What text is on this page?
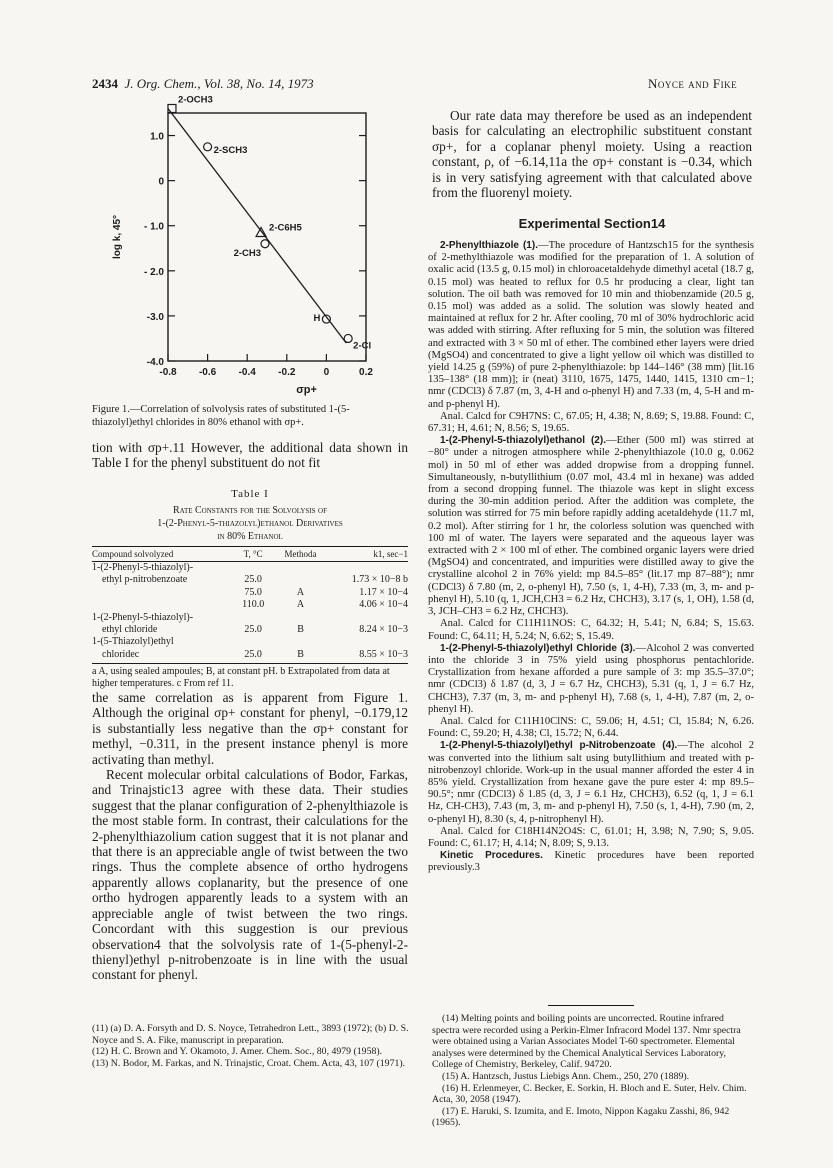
2434 J. Org. Chem., Vol. 38, No. 14, 1973	Noyce and Fike
-0.8 -0.6 -0.4 -0.2	0	0.2
1.0
0
- 1.0
- 2.0
-3.0
-4.0
2-OCH3
2-SCH3
2-CH3
2-C6H5
H
2-Cl
log k, 45°
σp+
Figure 1.—Correlation of solvolysis rates of substituted 1-(5-thiazolyl)ethyl chlorides in 80% ethanol with σp+.
tion with σp+.11 However, the additional data shown in Table I for the phenyl substituent do not fit
Table I
Rate Constants for the Solvolysis of
1-(2-Phenyl-5-thiazolyl)ethanol Derivatives
in 80% Ethanol
Compound solvolyzed	T, °C	Methoda	k1, sec−1
1-(2-Phenyl-5-thiazolyl)-			
ethyl p-nitrobenzoate	25.0		1.73 × 10−8 b
	75.0	A	1.17 × 10−4
	110.0	A	4.06 × 10−4
1-(2-Phenyl-5-thiazolyl)-			
ethyl chloride	25.0	B	8.24 × 10−3
1-(5-Thiazolyl)ethyl			
chloridec	25.0	B	8.55 × 10−3
a A, using sealed ampoules; B, at constant pH. b Extrapolated from data at higher temperatures. c From ref 11.
the same correlation as is apparent from Figure 1. Although the original σp+ constant for phenyl, −0.179,12 is substantially less negative than the σp+ constant for methyl, −0.311, in the present instance phenyl is more activating than methyl.
Recent molecular orbital calculations of Bodor, Farkas, and Trinajstic13 agree with these data. Their studies suggest that the planar configuration of 2-phenylthiazole is the most stable form. In contrast, their calculations for the 2-phenylthiazolium cation suggest that it is not planar and that there is an appreciable angle of twist between the two rings. Thus the complete absence of ortho hydrogens apparently allows coplanarity, but the presence of one ortho hydrogen apparently leads to a system with an appreciable angle of twist between the two rings. Concordant with this suggestion is our previous observation4 that the solvolysis rate of 1-(5-phenyl-2-thienyl)ethyl p-nitrobenzoate is in line with the usual constant for phenyl.
(11) (a) D. A. Forsyth and D. S. Noyce, Tetrahedron Lett., 3893 (1972); (b) D. S. Noyce and S. A. Fike, manuscript in preparation.
(12) H. C. Brown and Y. Okamoto, J. Amer. Chem. Soc., 80, 4979 (1958).
(13) N. Bodor, M. Farkas, and N. Trinajstic, Croat. Chem. Acta, 43, 107 (1971).
Our rate data may therefore be used as an independent basis for calculating an electrophilic substituent constant σp+, for a coplanar phenyl moiety. Using a reaction constant, ρ, of −6.14,11a the σp+ constant is −0.34, which is in very satisfying agreement with that calculated above from the fluorenyl moiety.
Experimental Section14

2-Phenylthiazole (1).—The procedure of Hantzsch15 for the synthesis of 2-methylthiazole was modified for the preparation of 1. A solution of oxalic acid (13.5 g, 0.15 mol) in chloroacetaldehyde dimethyl acetal (18.7 g, 0.15 mol) was heated to reflux for 0.5 hr producing a clear, light tan solution. The oil bath was removed for 10 min and thiobenzamide (20.5 g, 0.15 mol) was added as a solid. The solution was slowly heated and maintained at reflux for 2 hr. After cooling, 70 ml of 30% hydrochloric acid was added with stirring. After refluxing for 5 min, the solution was filtered and extracted with 3 × 50 ml of ether. The combined ether layers were dried (MgSO4) and concentrated to give a light yellow oil which was distilled to yield 14.25 g (59%) of pure 2-phenylthiazole: bp 144–146° (38 mm) [lit.16 135–138° (18 mm)]; ir (neat) 3110, 1675, 1475, 1440, 1415, 1310 cm−1; nmr (CDCl3) δ 7.87 (m, 3, 4-H and o-phenyl H) and 7.33 (m, 4, 5-H and m- and p-phenyl H).

Anal. Calcd for C9H7NS: C, 67.05; H, 4.38; N, 8.69; S, 19.88. Found: C, 67.31; H, 4.61; N, 8.56; S, 19.65.

1-(2-Phenyl-5-thiazolyl)ethanol (2).—Ether (500 ml) was stirred at −80° under a nitrogen atmosphere while 2-phenylthiazole (10.0 g, 0.062 mol) in 50 ml of ether was added dropwise from a dropping funnel. Simultaneously, n-butyllithium (0.07 mol, 43.4 ml in hexane) was added from a second dropping funnel. The thiazole was kept in slight excess during the 30-min addition period. After the addition was complete, the solution was stirred for 75 min before rapidly adding acetaldehyde (11.7 ml, 0.2 mol). After stirring for 1 hr, the colorless solution was quenched with 100 ml of water. The layers were separated and the aqueous layer was extracted with 2 × 100 ml of ether. The combined organic layers were dried (MgSO4) and concentrated, and impurities were distilled away to give the crystalline alcohol 2 in 76% yield: mp 84.5–85° (lit.17 mp 87–88°); nmr (CDCl3) δ 7.80 (m, 2, o-phenyl H), 7.50 (s, 1, 4-H), 7.33 (m, 3, m- and p-phenyl H), 5.10 (q, 1, JCH,CH3 = 6.2 Hz, CHCH3), 3.17 (s, 1, OH), 1.58 (d, 3, JCH–CH3 = 6.2 Hz, CHCH3).

Anal. Calcd for C11H11NOS: C, 64.32; H, 5.41; N, 6.84; S, 15.63. Found: C, 64.11; H, 5.24; N, 6.62; S, 15.49.

1-(2-Phenyl-5-thiazolyl)ethyl Chloride (3).—Alcohol 2 was converted into the chloride 3 in 75% yield using phosphorus pentachloride. Crystallization from hexane afforded a pure sample of 3: mp 35.5–37.0°; nmr (CDCl3) δ 1.87 (d, 3, J = 6.7 Hz, CHCH3), 5.31 (q, 1, J = 6.7 Hz, CHCH3), 7.37 (m, 3, m- and p-phenyl H), 7.68 (s, 1, 4-H), 7.87 (m, 2, o-phenyl H).

Anal. Calcd for C11H10ClNS: C, 59.06; H, 4.51; Cl, 15.84; N, 6.26. Found: C, 59.20; H, 4.38; Cl, 15.72; N, 6.44.

1-(2-Phenyl-5-thiazolyl)ethyl p-Nitrobenzoate (4).—The alcohol 2 was converted into the lithium salt using butyllithium and treated with p-nitrobenzoyl chloride. Work-up in the usual manner afforded the ester 4 in 85% yield. Crystallization from hexane gave the pure ester 4: mp 89.5–90.5°; nmr (CDCl3) δ 1.85 (d, 3, J = 6.1 Hz, CHCH3), 6.52 (q, 1, J = 6.1 Hz, CH-CH3), 7.43 (m, 3, m- and p-phenyl H), 7.50 (s, 1, 4-H), 7.90 (m, 2, o-phenyl H), 8.30 (s, 4, p-nitrophenyl H).

Anal. Calcd for C18H14N2O4S: C, 61.01; H, 3.98; N, 7.90; S, 9.05. Found: C, 61.17; H, 4.14; N, 8.09; S, 9.13.

Kinetic Procedures. Kinetic procedures have been reported previously.3

(14) Melting points and boiling points are uncorrected. Routine infrared spectra were recorded using a Perkin-Elmer Infracord Model 137. Nmr spectra were obtained using a Varian Associates Model T-60 spectrometer. Elemental analyses were determined by the Chemical Analytical Services Laboratory, College of Chemistry, Berkeley, Calif. 94720.
(15) A. Hantzsch, Justus Liebigs Ann. Chem., 250, 270 (1889).
(16) H. Erlenmeyer, C. Becker, E. Sorkin, H. Bloch and E. Suter, Helv. Chim. Acta, 30, 2058 (1947).
(17) E. Haruki, S. Izumita, and E. Imoto, Nippon Kagaku Zasshi, 86, 942 (1965).
